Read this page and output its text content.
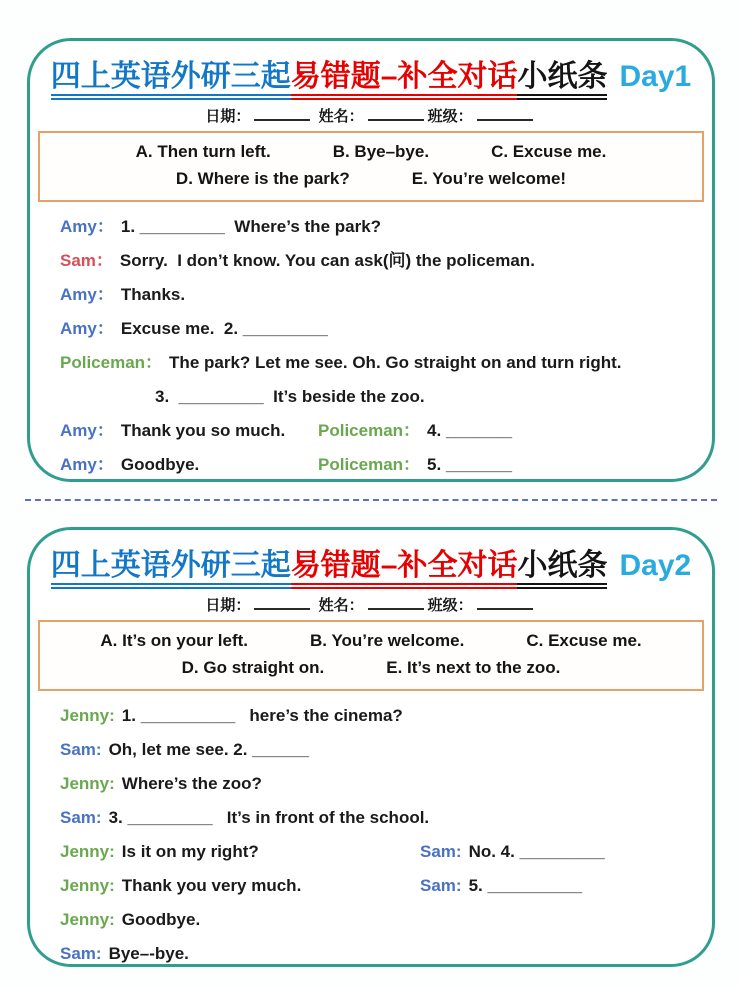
四上英语外研三起易错题–补全对话小纸条 Day1
日期：	姓名：	班级：
A. Then turn left.	B. Bye–bye.	C. Excuse me.
D. Where is the park?	E. You’re welcome!
Amy： 1. _________  Where’s the park?
Sam： Sorry.  I don’t know. You can ask(问) the policeman.
Amy： Thanks.
Amy： Excuse me.  2. _________
Policeman： The park? Let me see. Oh. Go straight on and turn right.
3.  _________  It’s beside the zoo.
Amy： Thank you so much. Policeman： 4. _______
Amy： Goodbye.	Policeman： 5. _______
四上英语外研三起易错题–补全对话小纸条 Day2
日期：	姓名：	班级：
A. It’s on your left.	B. You’re welcome.	C. Excuse me.
D. Go straight on.	E. It’s next to the zoo.
Jenny: 1. __________   here’s the cinema?
Sam: Oh, let me see. 2. ______
Jenny: Where’s the zoo?
Sam: 3. _________   It’s in front of the school.
Jenny: Is it on my right?	Sam: No. 4. _________
Jenny: Thank you very much.	Sam: 5. __________
Jenny: Goodbye.
Sam: Bye–-bye.
